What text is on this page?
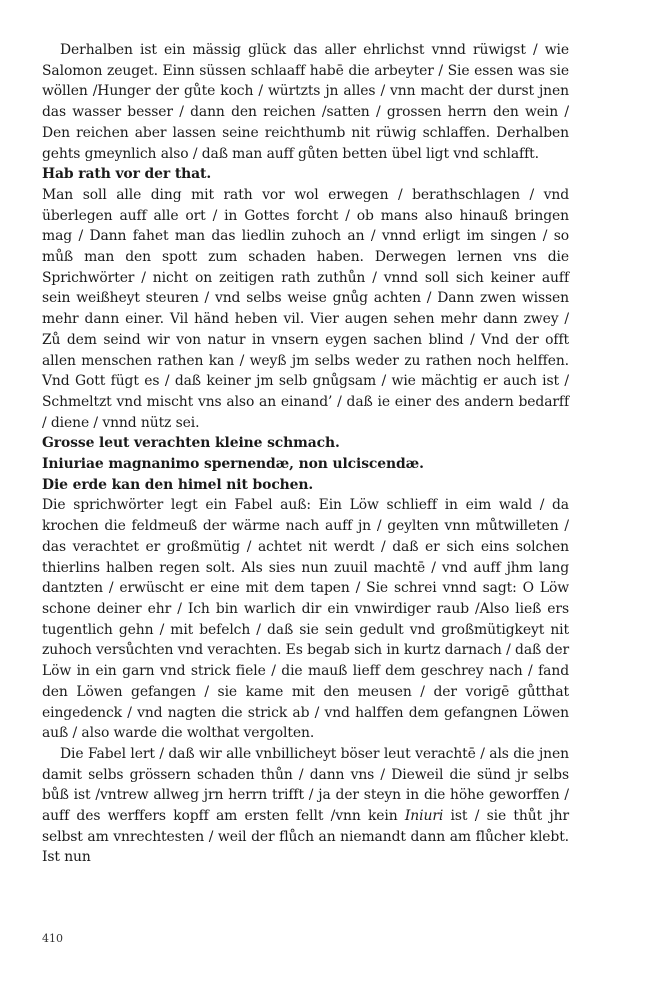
Derhalben ist ein mässig glück das aller ehrlichst vnnd rüwigst / wie Salomon zeuget. Einn süssen schlaaff habē die arbeyter / Sie essen was sie wöllen /Hunger der gůte koch / würtzts jn alles / vnn macht der durst jnen das wasser besser / dann den reichen /satten / grossen herrn den wein / Den reichen aber lassen seine reichthumb nit rüwig schlaffen. Derhalben gehts gmeynlich also / daß man auff gůten betten übel ligt vnd schlafft.

Hab rath vor der that.

Man soll alle ding mit rath vor wol erwegen / berathschlagen / vnd überlegen auff alle ort / in Gottes forcht / ob mans also hinauß bringen mag / Dann fahet man das liedlin zuhoch an / vnnd erligt im singen / so můß man den spott zum schaden haben. Derwegen lernen vns die Sprichwörter / nicht on zeitigen rath zuthůn / vnnd soll sich keiner auff sein weißheyt steuren / vnd selbs weise gnůg achten / Dann zwen wissen mehr dann einer. Vil händ heben vil. Vier augen sehen mehr dann zwey / Zů dem seind wir von natur in vnsern eygen sachen blind / Vnd der offt allen menschen rathen kan / weyß jm selbs weder zu rathen noch helffen. Vnd Gott fügt es / daß keiner jm selb gnůgsam / wie mächtig er auch ist / Schmeltzt vnd mischt vns also an einand’ / daß ie einer des andern bedarff / diene / vnnd nütz sei.

Grosse leut verachten kleine schmach.

Iniuriae magnanimo spernendæ, non ulciscendæ.

Die erde kan den himel nit bochen.

Die sprichwörter legt ein Fabel auß: Ein Löw schlieff in eim wald / da krochen die feldmeuß der wärme nach auff jn / geylten vnn můtwilleten / das verachtet er großmütig / achtet nit werdt / daß er sich eins solchen thierlins halben regen solt. Als sies nun zuuil machtē / vnd auff jhm lang dantzten / erwüscht er eine mit dem tapen / Sie schrei vnnd sagt: O Löw schone deiner ehr / Ich bin warlich dir ein vnwirdiger raub /Also ließ ers tugentlich gehn / mit befelch / daß sie sein gedult vnd großmütigkeyt nit zuhoch versůchten vnd verachten. Es begab sich in kurtz darnach / daß der Löw in ein garn vnd strick fiele / die mauß lieff dem geschrey nach / fand den Löwen gefangen / sie kame mit den meusen / der vorigē gůtthat eingedenck / vnd nagten die strick ab / vnd halffen dem gefangnen Löwen auß / also warde die wolthat vergolten.

Die Fabel lert / daß wir alle vnbillicheyt böser leut verachtē / als die jnen damit selbs grössern schaden thůn / dann vns / Dieweil die sünd jr selbs bůß ist /vntrew allweg jrn herrn trifft / ja der steyn in die höhe geworffen / auff des werffers kopff am ersten fellt /vnn kein Iniuri ist / sie thůt jhr selbst am vnrechtesten / weil der flůch an niemandt dann am flůcher klebt. Ist nun

410
